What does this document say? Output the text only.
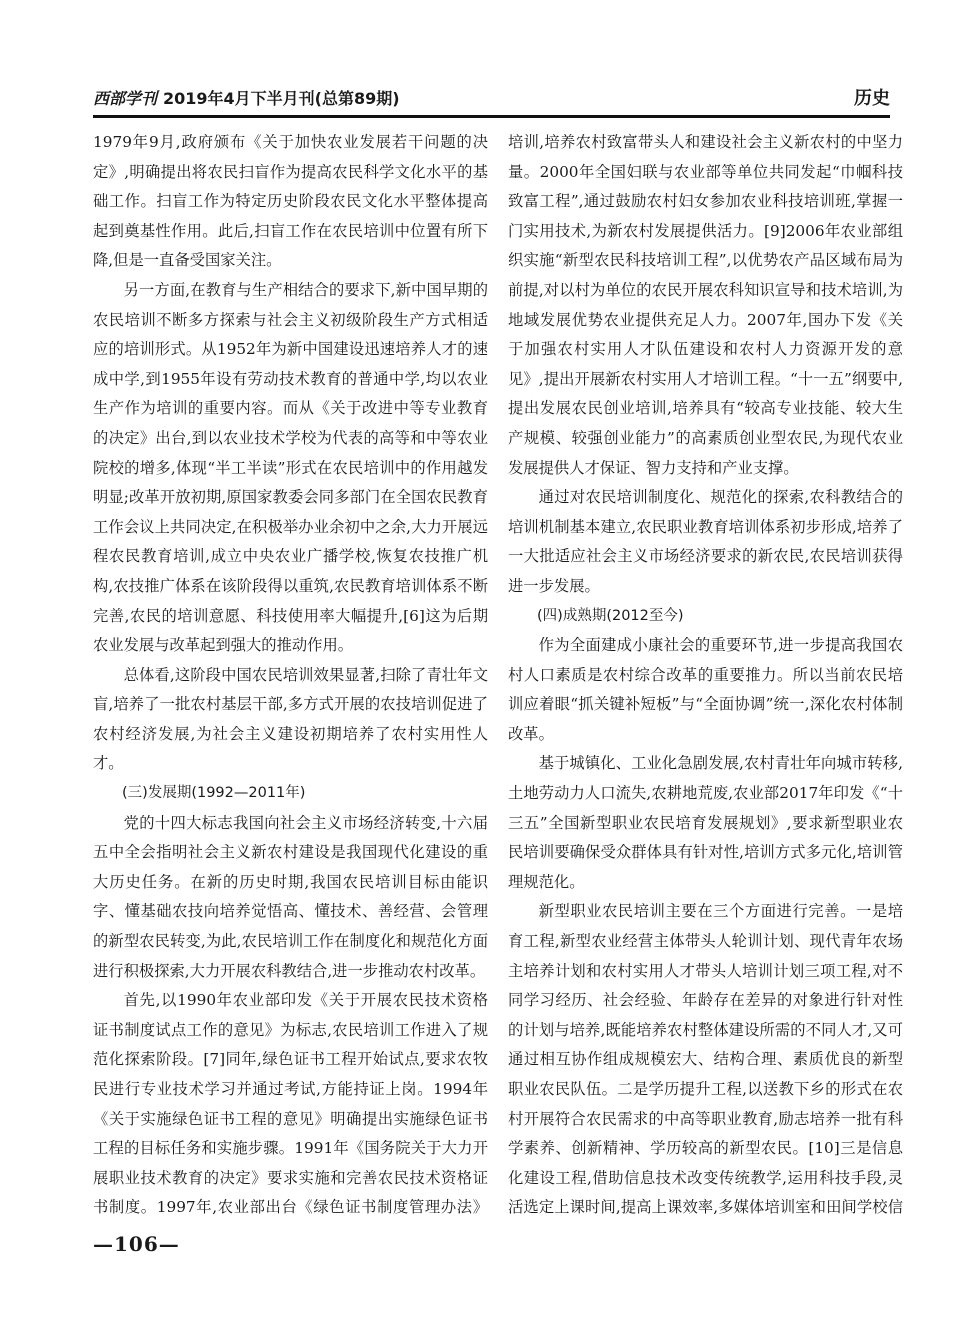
西部学刊 2019年4月下半月刊(总第89期)	历史

1979年9月,政府颁布《关于加快农业发展若干问题的决定》,明确提出将农民扫盲作为提高农民科学文化水平的基础工作。扫盲工作为特定历史阶段农民文化水平整体提高起到奠基性作用。此后,扫盲工作在农民培训中位置有所下降,但是一直备受国家关注。

另一方面,在教育与生产相结合的要求下,新中国早期的农民培训不断多方探索与社会主义初级阶段生产方式相适应的培训形式。从1952年为新中国建设迅速培养人才的速成中学,到1955年设有劳动技术教育的普通中学,均以农业生产作为培训的重要内容。而从《关于改进中等专业教育的决定》出台,到以农业技术学校为代表的高等和中等农业院校的增多,体现“半工半读”形式在农民培训中的作用越发明显;改革开放初期,原国家教委会同多部门在全国农民教育工作会议上共同决定,在积极举办业余初中之余,大力开展远程农民教育培训,成立中央农业广播学校,恢复农技推广机构,农技推广体系在该阶段得以重筑,农民教育培训体系不断完善,农民的培训意愿、科技使用率大幅提升,[6]这为后期农业发展与改革起到强大的推动作用。

总体看,这阶段中国农民培训效果显著,扫除了青壮年文盲,培养了一批农村基层干部,多方式开展的农技培训促进了农村经济发展,为社会主义建设初期培养了农村实用性人才。

(三)发展期(1992—2011年)

党的十四大标志我国向社会主义市场经济转变,十六届五中全会指明社会主义新农村建设是我国现代化建设的重大历史任务。在新的历史时期,我国农民培训目标由能识字、懂基础农技向培养觉悟高、懂技术、善经营、会管理的新型农民转变,为此,农民培训工作在制度化和规范化方面进行积极探索,大力开展农科教结合,进一步推动农村改革。

首先,以1990年农业部印发《关于开展农民技术资格证书制度试点工作的意见》为标志,农民培训工作进入了规范化探索阶段。[7]同年,绿色证书工程开始试点,要求农牧民进行专业技术学习并通过考试,方能持证上岗。1994年《关于实施绿色证书工程的意见》明确提出实施绿色证书工程的目标任务和实施步骤。1991年《国务院关于大力开展职业技术教育的决定》要求实施和完善农民技术资格证书制度。1997年,农业部出台《绿色证书制度管理办法》

培训,培养农村致富带头人和建设社会主义新农村的中坚力量。2000年全国妇联与农业部等单位共同发起“巾帼科技致富工程”,通过鼓励农村妇女参加农业科技培训班,掌握一门实用技术,为新农村发展提供活力。[9]2006年农业部组织实施“新型农民科技培训工程”,以优势农产品区域布局为前提,对以村为单位的农民开展农科知识宣导和技术培训,为地域发展优势农业提供充足人力。2007年,国办下发《关于加强农村实用人才队伍建设和农村人力资源开发的意见》,提出开展新农村实用人才培训工程。“十一五”纲要中,提出发展农民创业培训,培养具有“较高专业技能、较大生产规模、较强创业能力”的高素质创业型农民,为现代农业发展提供人才保证、智力支持和产业支撑。

通过对农民培训制度化、规范化的探索,农科教结合的培训机制基本建立,农民职业教育培训体系初步形成,培养了一大批适应社会主义市场经济要求的新农民,农民培训获得进一步发展。

(四)成熟期(2012至今)

作为全面建成小康社会的重要环节,进一步提高我国农村人口素质是农村综合改革的重要推力。所以当前农民培训应着眼“抓关键补短板”与“全面协调”统一,深化农村体制改革。

基于城镇化、工业化急剧发展,农村青壮年向城市转移,土地劳动力人口流失,农耕地荒废,农业部2017年印发《“十三五”全国新型职业农民培育发展规划》,要求新型职业农民培训要确保受众群体具有针对性,培训方式多元化,培训管理规范化。

新型职业农民培训主要在三个方面进行完善。一是培育工程,新型农业经营主体带头人轮训计划、现代青年农场主培养计划和农村实用人才带头人培训计划三项工程,对不同学习经历、社会经验、年龄存在差异的对象进行针对性的计划与培养,既能培养农村整体建设所需的不同人才,又可通过相互协作组成规模宏大、结构合理、素质优良的新型职业农民队伍。二是学历提升工程,以送教下乡的形式在农村开展符合农民需求的中高等职业教育,励志培养一批有科学素养、创新精神、学历较高的新型农民。[10]三是信息化建设工程,借助信息技术改变传统教学,运用科技手段,灵活选定上课时间,提高上课效率,多媒体培训室和田间学校信

—106—
